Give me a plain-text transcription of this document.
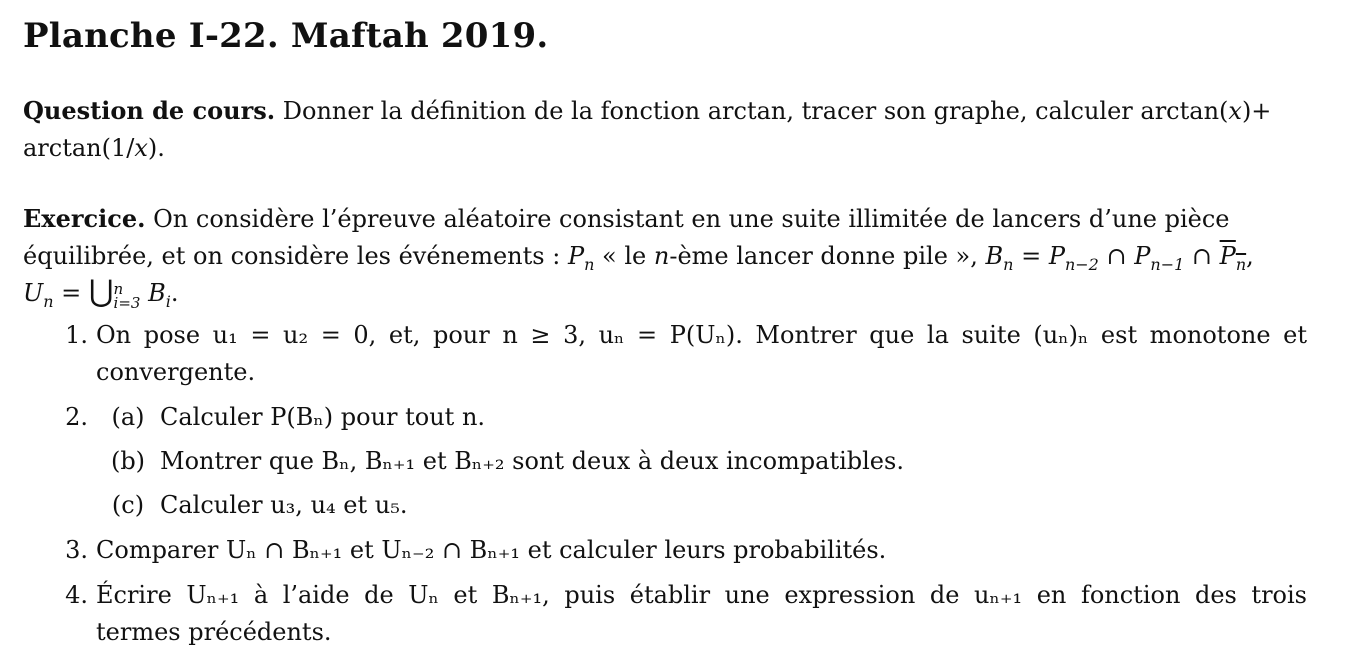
Planche I-22. Maftah 2019.
Question de cours. Donner la définition de la fonction arctan, tracer son graphe, calculer arctan(x)+
arctan(1/x).
Exercice. On considère l’épreuve aléatoire consistant en une suite illimitée de lancers d’une pièce
équilibrée, et on considère les événements : $P_n$ « le n-ème lancer donne pile », $B_n = P_{n-2}$ ∩ $P_{n-1}$ ∩ $P_n$,
$U_n$ = ⋃ n
i=3 $B_i$.
1. On pose u₁ = u₂ = 0, et, pour n ≥ 3, uₙ = P(Uₙ). Montrer que la suite (uₙ)ₙ est monotone et
convergente.
2. (a) Calculer P(Bₙ) pour tout n.
(b) Montrer que Bₙ, Bₙ₊₁ et Bₙ₊₂ sont deux à deux incompatibles.
(c) Calculer u₃, u₄ et u₅.
3. Comparer Uₙ ∩ Bₙ₊₁ et Uₙ₋₂ ∩ Bₙ₊₁ et calculer leurs probabilités.
4. Écrire Uₙ₊₁ à l’aide de Uₙ et Bₙ₊₁, puis établir une expression de uₙ₊₁ en fonction des trois
termes précédents.
